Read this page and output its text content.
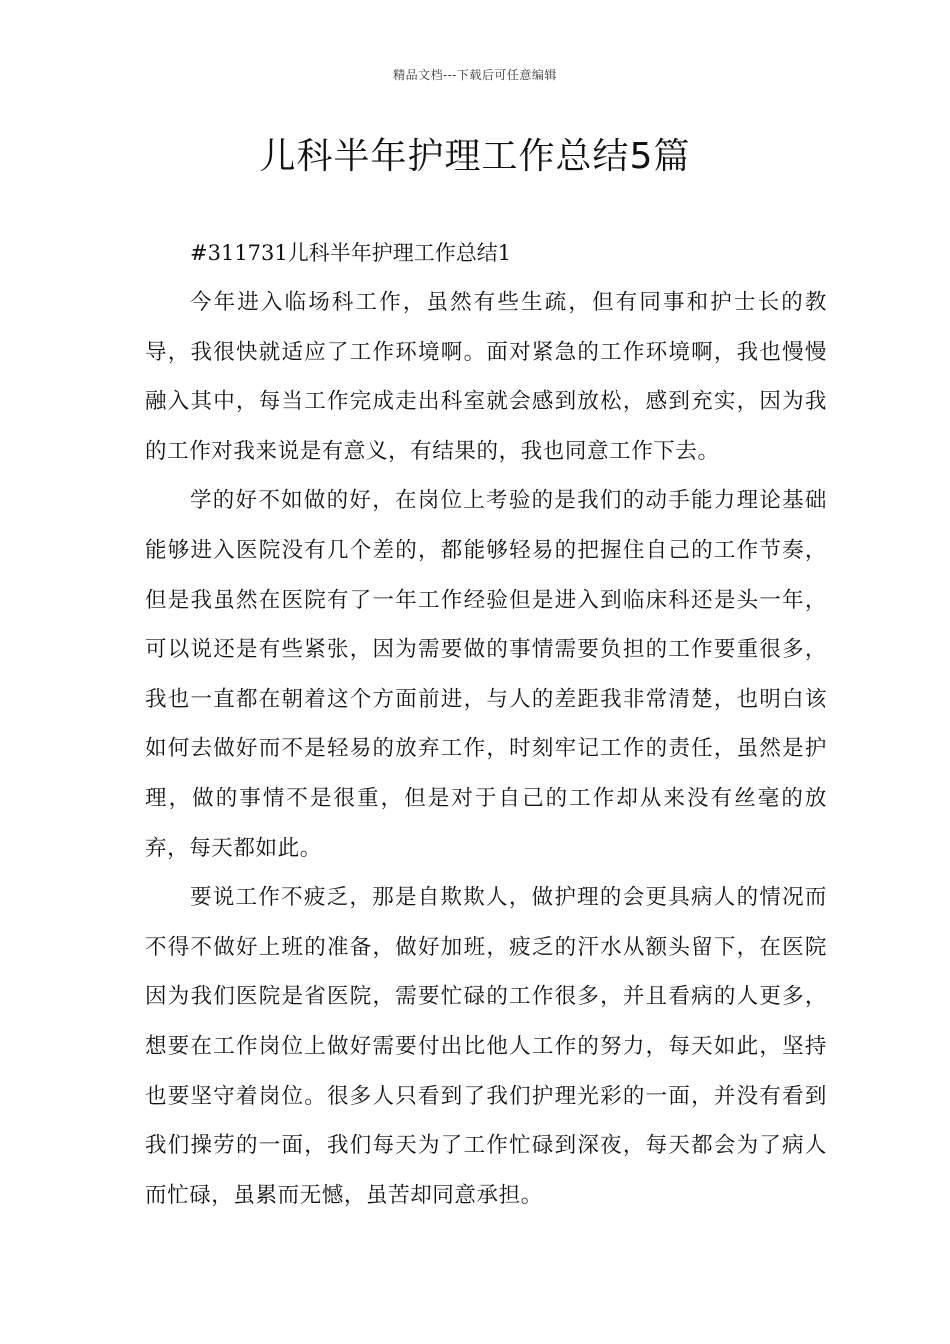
精品文档---下载后可任意编辑
儿科半年护理工作总结5篇

#311731儿科半年护理工作总结1

今年进入临场科工作，虽然有些生疏，但有同事和护士长的教导，我很快就适应了工作环境啊。面对紧急的工作环境啊，我也慢慢融入其中，每当工作完成走出科室就会感到放松，感到充实，因为我的工作对我来说是有意义，有结果的，我也同意工作下去。

学的好不如做的好，在岗位上考验的是我们的动手能力理论基础能够进入医院没有几个差的，都能够轻易的把握住自己的工作节奏，但是我虽然在医院有了一年工作经验但是进入到临床科还是头一年，可以说还是有些紧张，因为需要做的事情需要负担的工作要重很多，我也一直都在朝着这个方面前进，与人的差距我非常清楚，也明白该如何去做好而不是轻易的放弃工作，时刻牢记工作的责任，虽然是护理，做的事情不是很重，但是对于自己的工作却从来没有丝毫的放弃，每天都如此。

要说工作不疲乏，那是自欺欺人，做护理的会更具病人的情况而不得不做好上班的准备，做好加班，疲乏的汗水从额头留下，在医院因为我们医院是省医院，需要忙碌的工作很多，并且看病的人更多，想要在工作岗位上做好需要付出比他人工作的努力，每天如此，坚持也要坚守着岗位。很多人只看到了我们护理光彩的一面，并没有看到我们操劳的一面，我们每天为了工作忙碌到深夜，每天都会为了病人而忙碌，虽累而无憾，虽苦却同意承担。
